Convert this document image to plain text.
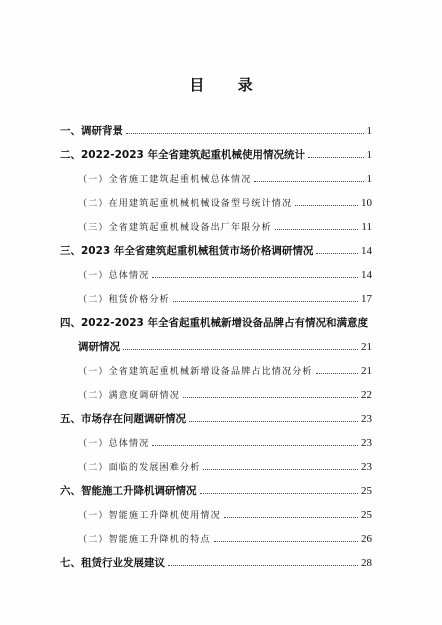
目 录
一、调研背景	1
二、2022-2023 年全省建筑起重机械使用情况统计	1
（一）全省施工建筑起重机械总体情况	1
（二）在用建筑起重机械机械设备型号统计情况	10
（三）全省建筑起重机械设备出厂年限分析	11
三、2023 年全省建筑起重机械租赁市场价格调研情况	14
（一）总体情况	14
（二）租赁价格分析	17
四、2022-2023 年全省起重机械新增设备品牌占有情况和满意度
调研情况	21
（一）全省建筑起重机械新增设备品牌占比情况分析	21
（二）满意度调研情况	22
五、市场存在问题调研情况	23
（一）总体情况	23
（二）面临的发展困难分析	23
六、智能施工升降机调研情况	25
（一）智能施工升降机使用情况	25
（二）智能施工升降机的特点	26
七、租赁行业发展建议	28
